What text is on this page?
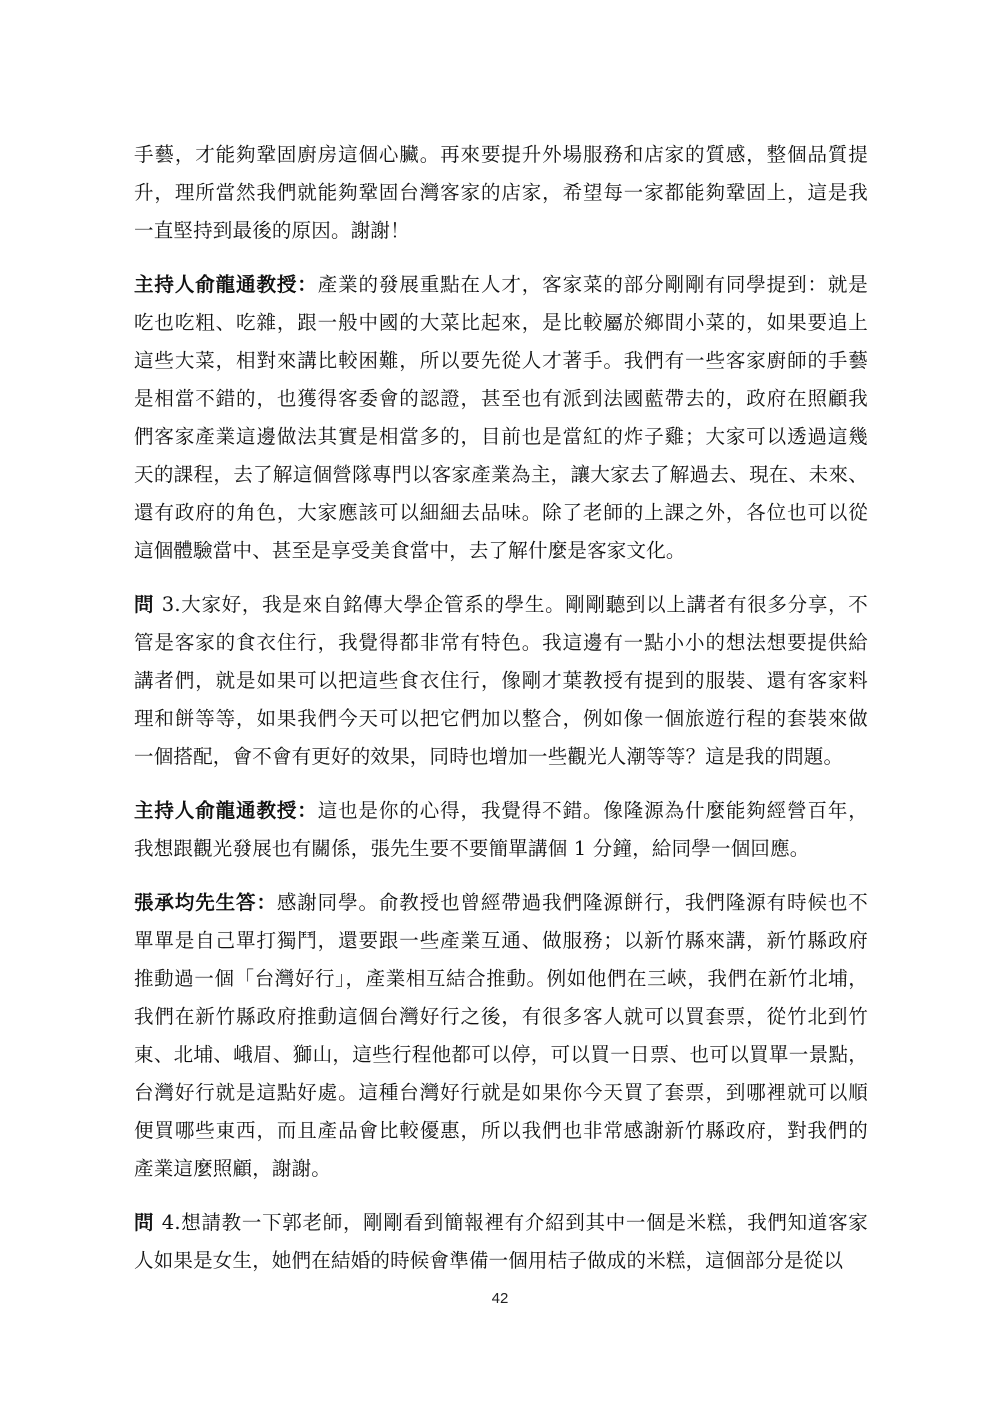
手藝，才能夠鞏固廚房這個心臟。再來要提升外場服務和店家的質感，整個品質提
升，理所當然我們就能夠鞏固台灣客家的店家，希望每一家都能夠鞏固上，這是我
一直堅持到最後的原因。謝謝！
主持人俞龍通教授：產業的發展重點在人才，客家菜的部分剛剛有同學提到：就是
吃也吃粗、吃雜，跟一般中國的大菜比起來，是比較屬於鄉間小菜的，如果要追上
這些大菜，相對來講比較困難，所以要先從人才著手。我們有一些客家廚師的手藝
是相當不錯的，也獲得客委會的認證，甚至也有派到法國藍帶去的，政府在照顧我
們客家產業這邊做法其實是相當多的，目前也是當紅的炸子雞；大家可以透過這幾
天的課程，去了解這個營隊專門以客家產業為主，讓大家去了解過去、現在、未來、
還有政府的角色，大家應該可以細細去品味。除了老師的上課之外，各位也可以從
這個體驗當中、甚至是享受美食當中，去了解什麼是客家文化。
問 3.大家好，我是來自銘傳大學企管系的學生。剛剛聽到以上講者有很多分享，不
管是客家的食衣住行，我覺得都非常有特色。我這邊有一點小小的想法想要提供給
講者們，就是如果可以把這些食衣住行，像剛才葉教授有提到的服裝、還有客家料
理和餅等等，如果我們今天可以把它們加以整合，例如像一個旅遊行程的套裝來做
一個搭配，會不會有更好的效果，同時也增加一些觀光人潮等等？這是我的問題。
主持人俞龍通教授：這也是你的心得，我覺得不錯。像隆源為什麼能夠經營百年，
我想跟觀光發展也有關係，張先生要不要簡單講個 1 分鐘，給同學一個回應。
張承均先生答：感謝同學。俞教授也曾經帶過我們隆源餅行，我們隆源有時候也不
單單是自己單打獨鬥，還要跟一些產業互通、做服務；以新竹縣來講，新竹縣政府
推動過一個「台灣好行」，產業相互結合推動。例如他們在三峽，我們在新竹北埔，
我們在新竹縣政府推動這個台灣好行之後，有很多客人就可以買套票，從竹北到竹
東、北埔、峨眉、獅山，這些行程他都可以停，可以買一日票、也可以買單一景點，
台灣好行就是這點好處。這種台灣好行就是如果你今天買了套票，到哪裡就可以順
便買哪些東西，而且產品會比較優惠，所以我們也非常感謝新竹縣政府，對我們的
產業這麼照顧，謝謝。
問 4.想請教一下郭老師，剛剛看到簡報裡有介紹到其中一個是米糕，我們知道客家
人如果是女生，她們在結婚的時候會準備一個用桔子做成的米糕，這個部分是從以
42
